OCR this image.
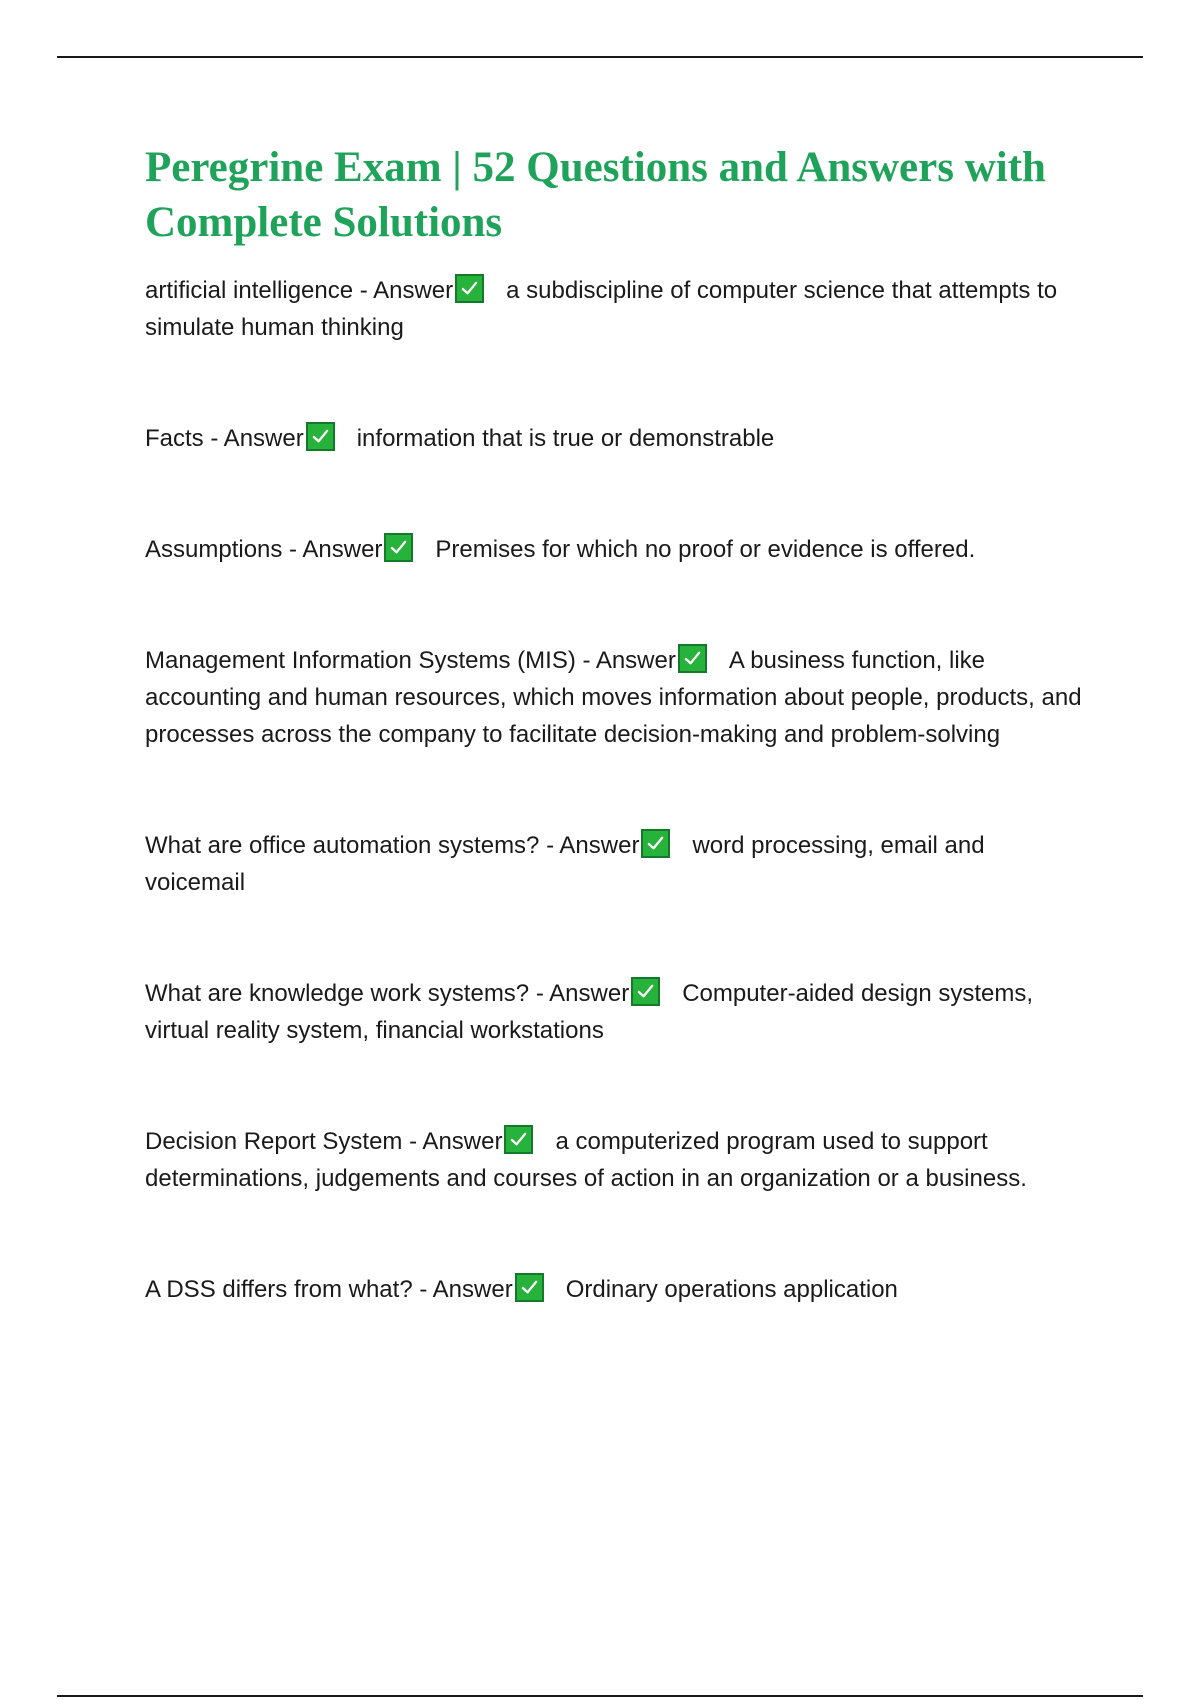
Peregrine Exam | 52 Questions and Answers with Complete Solutions
artificial intelligence - Answer a subdiscipline of computer science that attempts to simulate human thinking
Facts - Answer information that is true or demonstrable
Assumptions - Answer Premises for which no proof or evidence is offered.
Management Information Systems (MIS) - Answer A business function, like accounting and human resources, which moves information about people, products, and processes across the company to facilitate decision-making and problem-solving
What are office automation systems? - Answer word processing, email and voicemail
What are knowledge work systems? - Answer Computer-aided design systems, virtual reality system, financial workstations
Decision Report System - Answer a computerized program used to support determinations, judgements and courses of action in an organization or a business.
A DSS differs from what? - Answer Ordinary operations application
